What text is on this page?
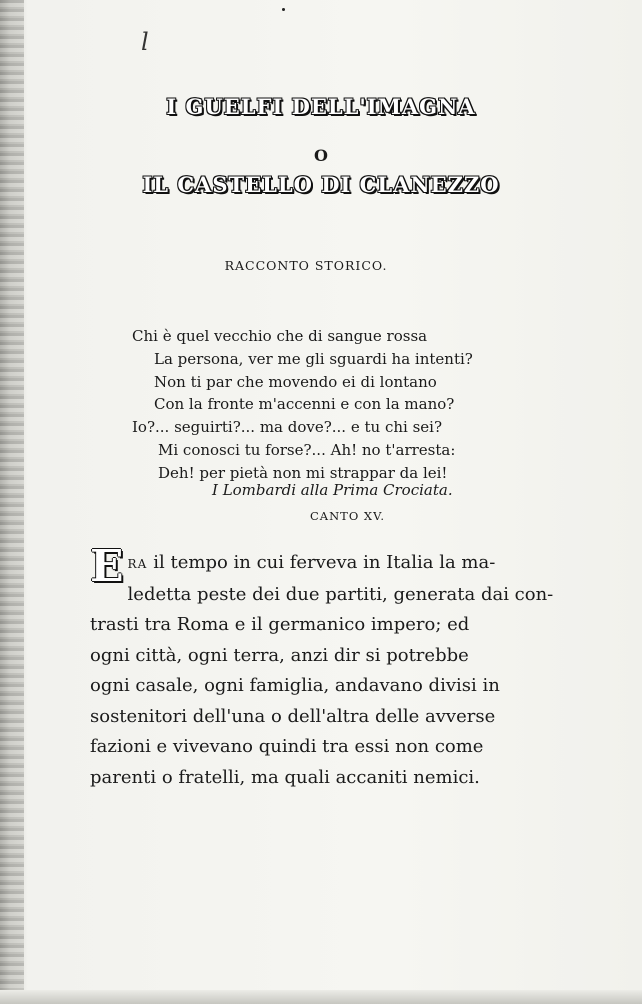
l
I GUELFI DELL'IMAGNA
O
IL CASTELLO DI CLANEZZO
RACCONTO STORICO.
Chi è quel vecchio che di sangue rossa
La persona, ver me gli sguardi ha intenti?
Non ti par che movendo ei di lontano
Con la fronte m'accenni e con la mano?
Io?... seguirti?... ma dove?... e tu chi sei?
Mi conosci tu forse?... Ah! no t'arresta:
Deh! per pietà non mi strappar da lei!
I Lombardi alla Prima Crociata.
CANTO XV.
ERA il tempo in cui ferveva in Italia la ma-
ledetta peste dei due partiti, generata dai con-
trasti tra Roma e il germanico impero; ed
ogni città, ogni terra, anzi dir si potrebbe
ogni casale, ogni famiglia, andavano divisi in
sostenitori dell'una o dell'altra delle avverse
fazioni e vivevano quindi tra essi non come
parenti o fratelli, ma quali accaniti nemici.
